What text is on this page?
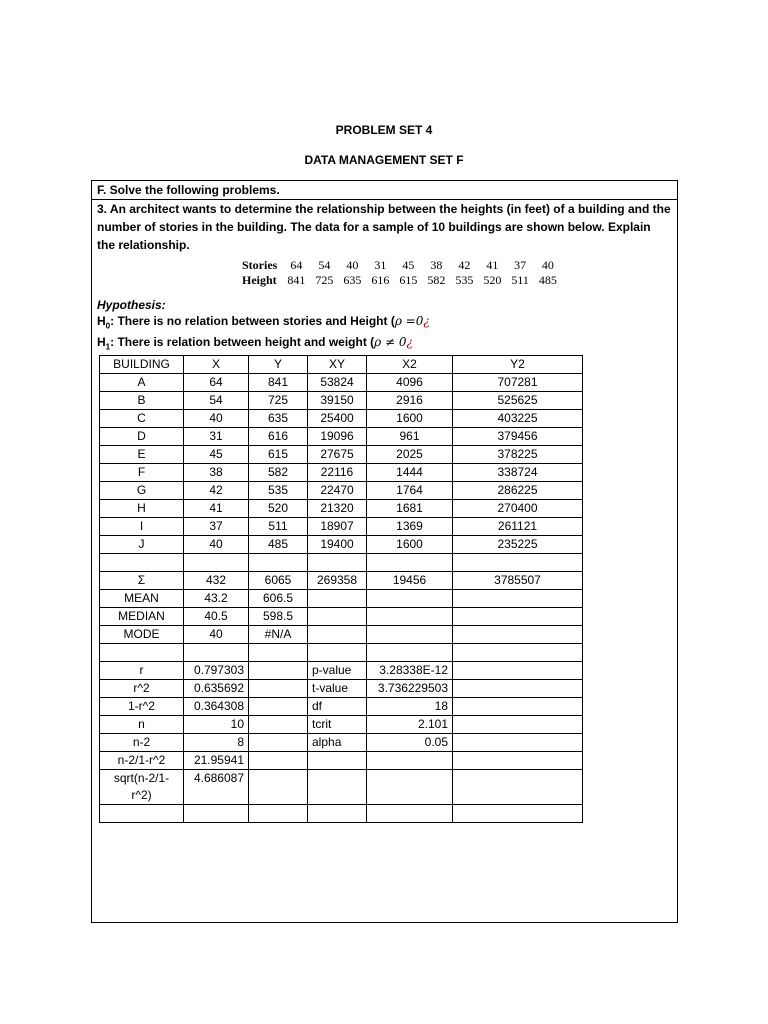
PROBLEM SET 4
DATA MANAGEMENT SET F
F. Solve the following problems.
3. An architect wants to determine the relationship between the heights (in feet) of a building and the number of stories in the building. The data for a sample of 10 buildings are shown below. Explain the relationship.
Stories	64	54	40	31	45	38	42	41	37	40
Height	841	725	635	616	615	582	535	520	511	485
Hypothesis:
$H_0$: There is no relation between stories and Height (ρ =0¿
$H_1$: There is relation between height and weight (ρ ≠ 0¿
BUILDING	X	Y	XY	X2	Y2
A	64	841	53824	4096	707281
B	54	725	39150	2916	525625
C	40	635	25400	1600	403225
D	31	616	19096	961	379456
E	45	615	27675	2025	378225
F	38	582	22116	1444	338724
G	42	535	22470	1764	286225
H	41	520	21320	1681	270400
I	37	511	18907	1369	261121
J	40	485	19400	1600	235225

Σ	432	6065	269358	19456	3785507
MEAN	43.2	606.5			
MEDIAN	40.5	598.5			
MODE	40	#N/A			

r	0.797303		p-value	3.28338E-12	
r^2	0.635692		t-value	3.736229503	
1-r^2	0.364308		df	18	
n	10		tcrit	2.101	
n-2	8		alpha	0.05	
n-2/1-r^2	21.95941				
sqrt(n-2/1-r^2)	4.686087				
